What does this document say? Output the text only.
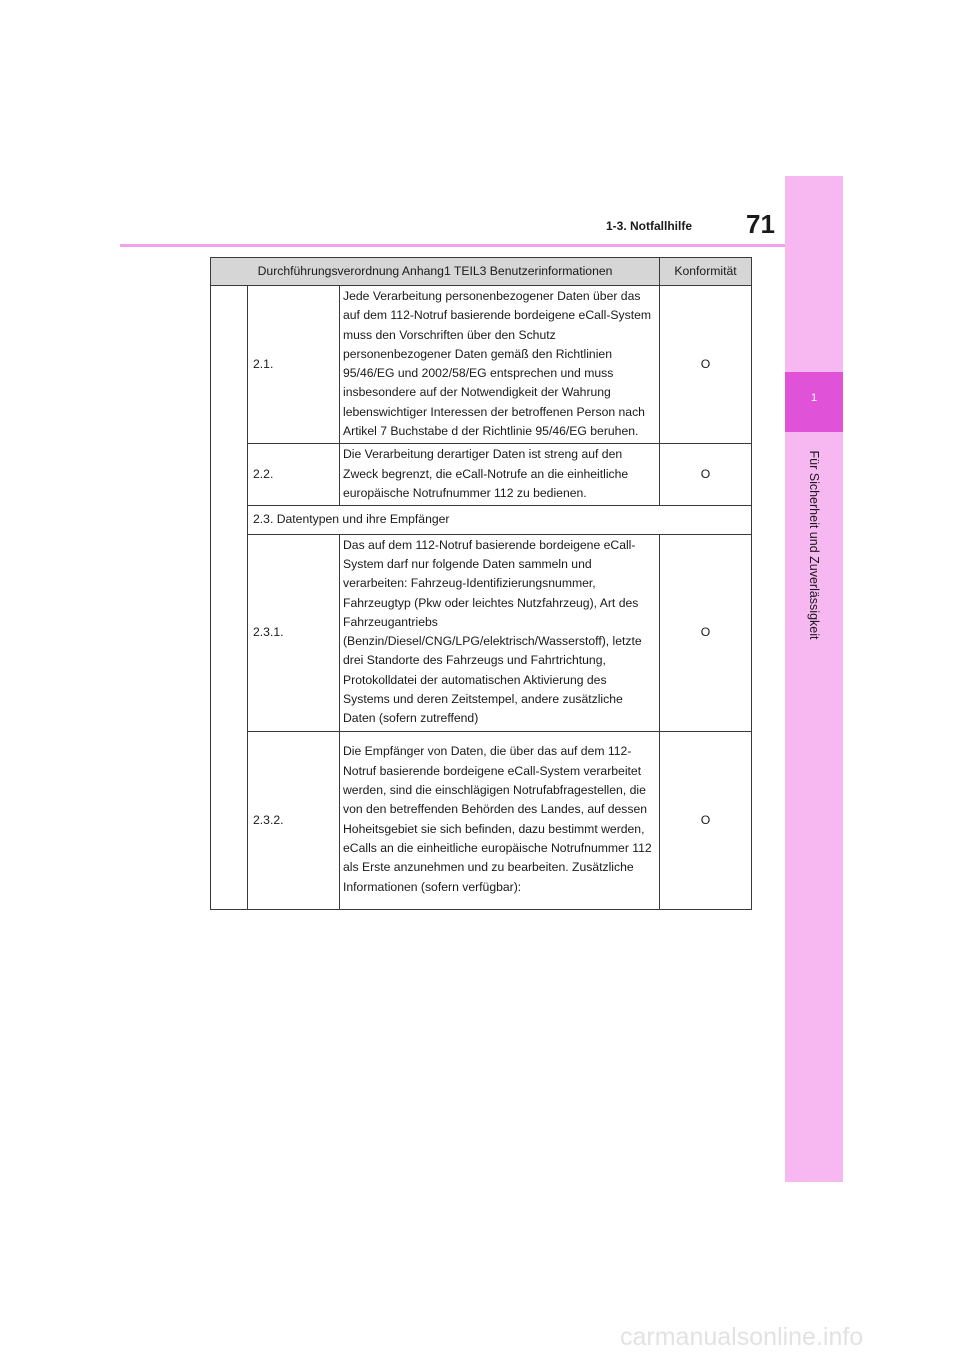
1
Für Sicherheit und Zuverlässigkeit
1-3. Notfallhilfe 71
Durchführungsverordnung Anhang1 TEIL3 Benutzerinformationen			Konformität
	2.1.	Jede Verarbeitung personenbezogener Daten über das auf dem 112-Notruf basierende bordeigene eCall-System muss den Vorschriften über den Schutz personenbezogener Daten gemäß den Richtlinien 95/46/EG und 2002/58/EG entsprechen und muss insbesondere auf der Notwendigkeit der Wahrung lebenswichtiger Interessen der betroffenen Person nach Artikel 7 Buchstabe d der Richtlinie 95/46/EG beruhen.	O
	2.2.	Die Verarbeitung derartiger Daten ist streng auf den Zweck begrenzt, die eCall-Notrufe an die einheitliche europäische Notrufnummer 112 zu bedienen.	O
	2.3. Datentypen und ihre Empfänger		
	2.3.1.	Das auf dem 112-Notruf basierende bordeigene eCall-System darf nur folgende Daten sammeln und verarbeiten: Fahrzeug-Identifizierungsnummer, Fahrzeugtyp (Pkw oder leichtes Nutzfahrzeug), Art des Fahrzeugantriebs (Benzin/Diesel/CNG/LPG/elektrisch/Wasserstoff), letzte drei Standorte des Fahrzeugs und Fahrtrichtung, Protokolldatei der automatischen Aktivierung des Systems und deren Zeitstempel, andere zusätzliche Daten (sofern zutreffend)	O
	2.3.2.	Die Empfänger von Daten, die über das auf dem 112-Notruf basierende bordeigene eCall-System verarbeitet werden, sind die einschlägigen Notrufabfragestellen, die von den betreffenden Behörden des Landes, auf dessen Hoheitsgebiet sie sich befinden, dazu bestimmt werden, eCalls an die einheitliche europäische Notrufnummer 112 als Erste anzunehmen und zu bearbeiten. Zusätzliche Informationen (sofern verfügbar):	O
carmanualsonline.info
